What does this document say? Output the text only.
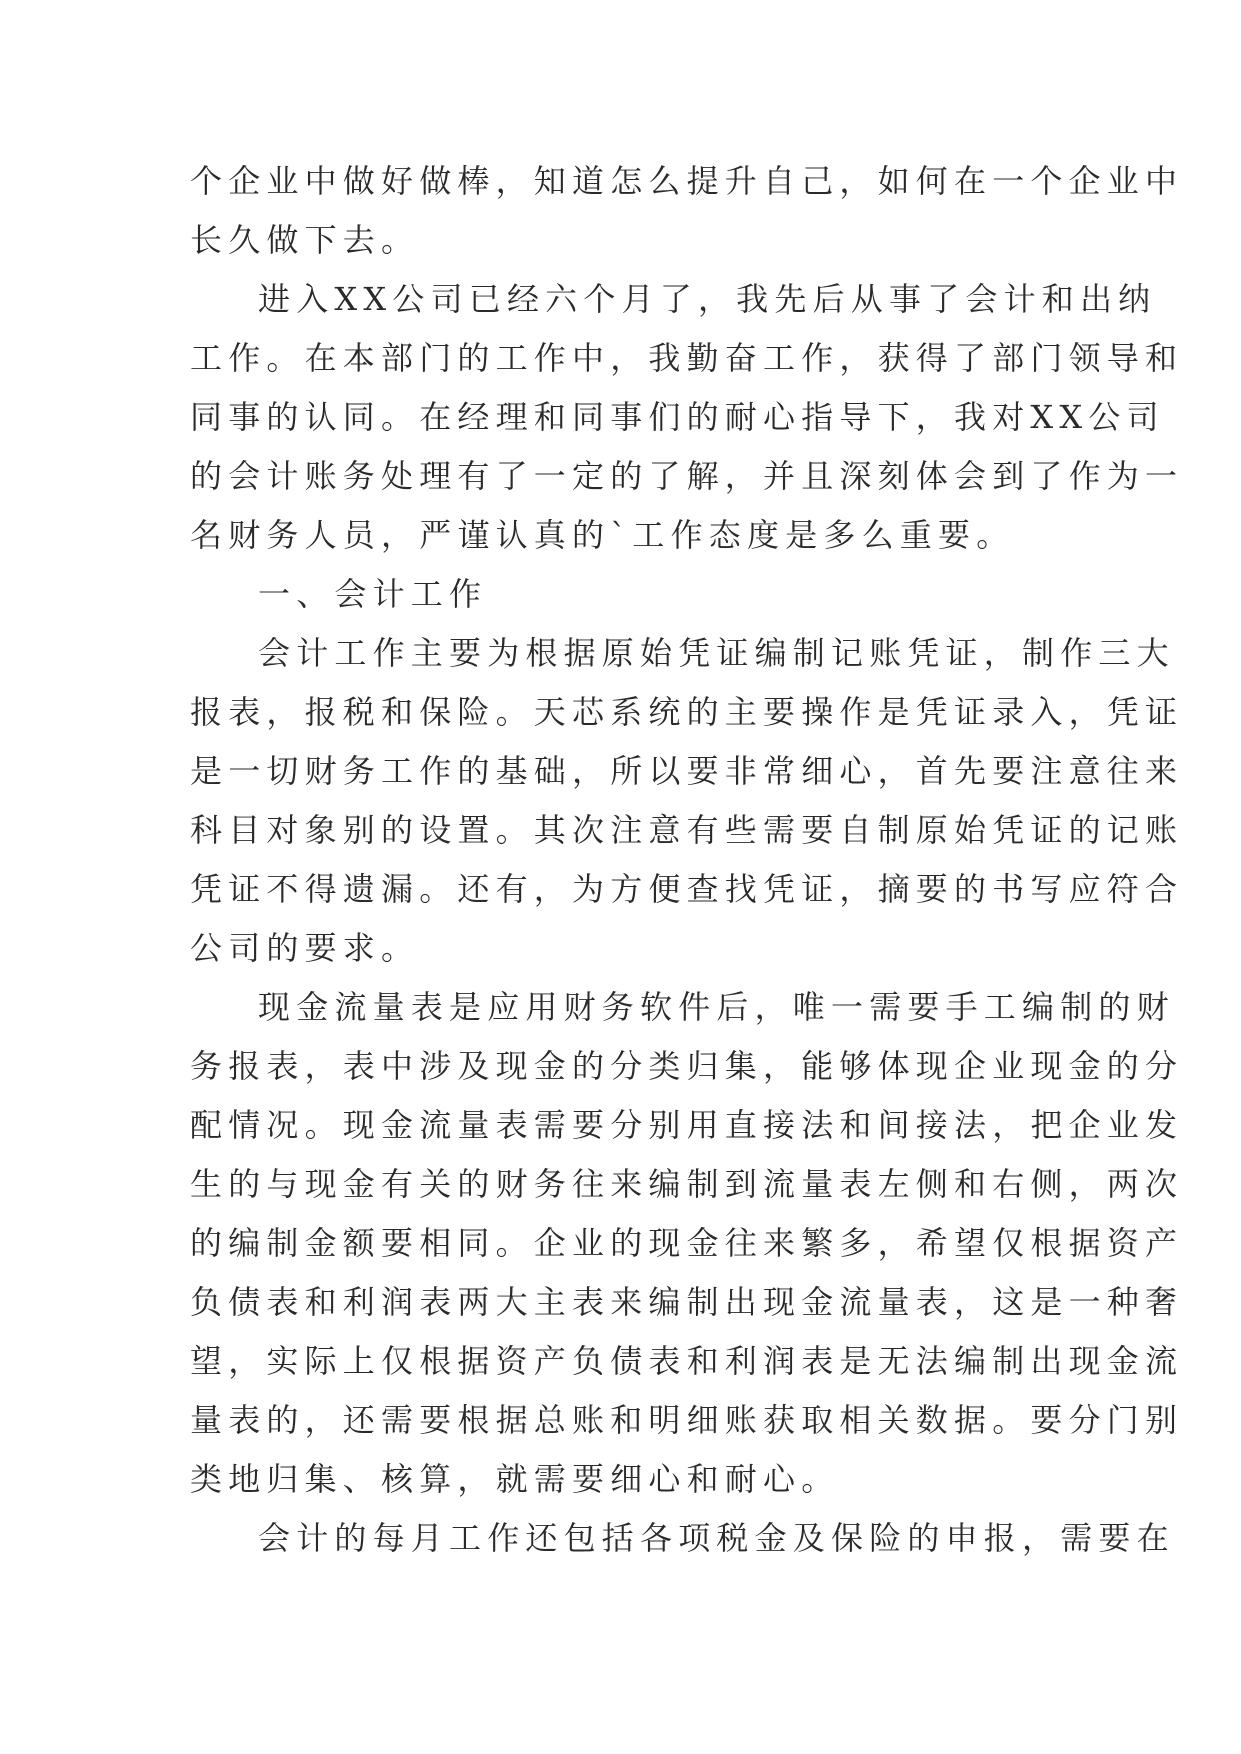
个企业中做好做棒，知道怎么提升自己，如何在一个企业中
长久做下去。

进入XX公司已经六个月了，我先后从事了会计和出纳
工作。在本部门的工作中，我勤奋工作，获得了部门领导和
同事的认同。在经理和同事们的耐心指导下，我对XX公司
的会计账务处理有了一定的了解，并且深刻体会到了作为一
名财务人员，严谨认真的`工作态度是多么重要。

一、会计工作

会计工作主要为根据原始凭证编制记账凭证，制作三大
报表，报税和保险。天芯系统的主要操作是凭证录入，凭证
是一切财务工作的基础，所以要非常细心，首先要注意往来
科目对象别的设置。其次注意有些需要自制原始凭证的记账
凭证不得遗漏。还有，为方便查找凭证，摘要的书写应符合
公司的要求。

现金流量表是应用财务软件后，唯一需要手工编制的财
务报表，表中涉及现金的分类归集，能够体现企业现金的分
配情况。现金流量表需要分别用直接法和间接法，把企业发
生的与现金有关的财务往来编制到流量表左侧和右侧，两次
的编制金额要相同。企业的现金往来繁多，希望仅根据资产
负债表和利润表两大主表来编制出现金流量表，这是一种奢
望，实际上仅根据资产负债表和利润表是无法编制出现金流
量表的，还需要根据总账和明细账获取相关数据。要分门别
类地归集、核算，就需要细心和耐心。

会计的每月工作还包括各项税金及保险的申报，需要在
